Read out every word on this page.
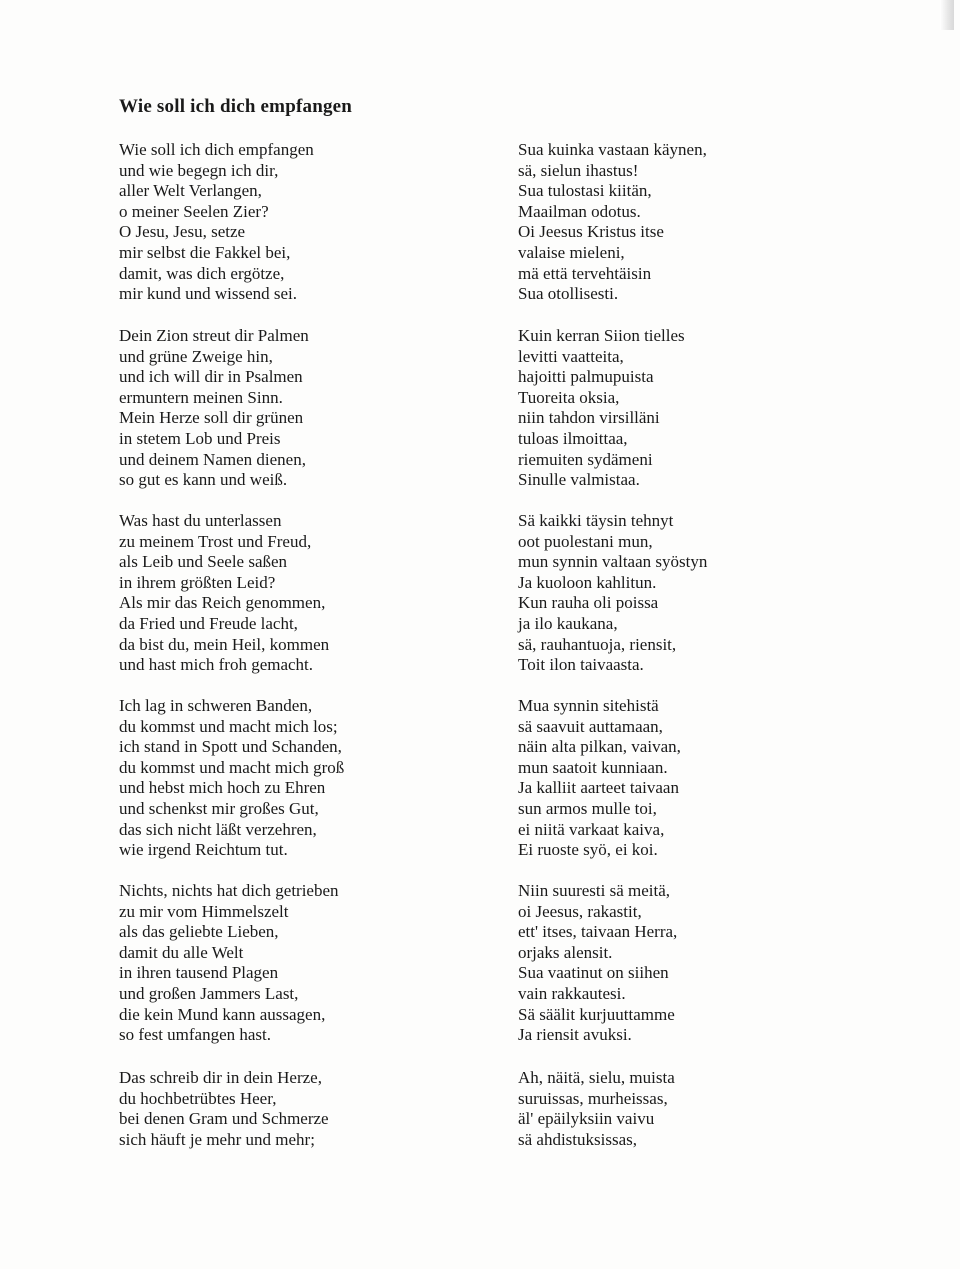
Wie soll ich dich empfangen
Wie soll ich dich empfangen
und wie begegn ich dir,
aller Welt Verlangen,
o meiner Seelen Zier?
O Jesu, Jesu, setze
mir selbst die Fakkel bei,
damit, was dich ergötze,
mir kund und wissend sei.
Dein Zion streut dir Palmen
und grüne Zweige hin,
und ich will dir in Psalmen
ermuntern meinen Sinn.
Mein Herze soll dir grünen
in stetem Lob und Preis
und deinem Namen dienen,
so gut es kann und weiß.
Was hast du unterlassen
zu meinem Trost und Freud,
als Leib und Seele saßen
in ihrem größten Leid?
Als mir das Reich genommen,
da Fried und Freude lacht,
da bist du, mein Heil, kommen
und hast mich froh gemacht.
Ich lag in schweren Banden,
du kommst und macht mich los;
ich stand in Spott und Schanden,
du kommst und macht mich groß
und hebst mich hoch zu Ehren
und schenkst mir großes Gut,
das sich nicht läßt verzehren,
wie irgend Reichtum tut.
Nichts, nichts hat dich getrieben
zu mir vom Himmelszelt
als das geliebte Lieben,
damit du alle Welt
in ihren tausend Plagen
und großen Jammers Last,
die kein Mund kann aussagen,
so fest umfangen hast.
Das schreib dir in dein Herze,
du hochbetrübtes Heer,
bei denen Gram und Schmerze
sich häuft je mehr und mehr;
Sua kuinka vastaan käynen,
sä, sielun ihastus!
Sua tulostasi kiitän,
Maailman odotus.
Oi Jeesus Kristus itse
valaise mieleni,
mä että tervehtäisin
Sua otollisesti.
Kuin kerran Siion tielles
levitti vaatteita,
hajoitti palmupuista
Tuoreita oksia,
niin tahdon virsilläni
tuloas ilmoittaa,
riemuiten sydämeni
Sinulle valmistaa.
Sä kaikki täysin tehnyt
oot puolestani mun,
mun synnin valtaan syöstyn
Ja kuoloon kahlitun.
Kun rauha oli poissa
ja ilo kaukana,
sä, rauhantuoja, riensit,
Toit ilon taivaasta.
Mua synnin sitehistä
sä saavuit auttamaan,
näin alta pilkan, vaivan,
mun saatoit kunniaan.
Ja kalliit aarteet taivaan
sun armos mulle toi,
ei niitä varkaat kaiva,
Ei ruoste syö, ei koi.
Niin suuresti sä meitä,
oi Jeesus, rakastit,
ett' itses, taivaan Herra,
orjaks alensit.
Sua vaatinut on siihen
vain rakkautesi.
Sä säälit kurjuuttamme
Ja riensit avuksi.
Ah, näitä, sielu, muista
suruissas, murheissas,
äl' epäilyksiin vaivu
sä ahdistuksissas,
